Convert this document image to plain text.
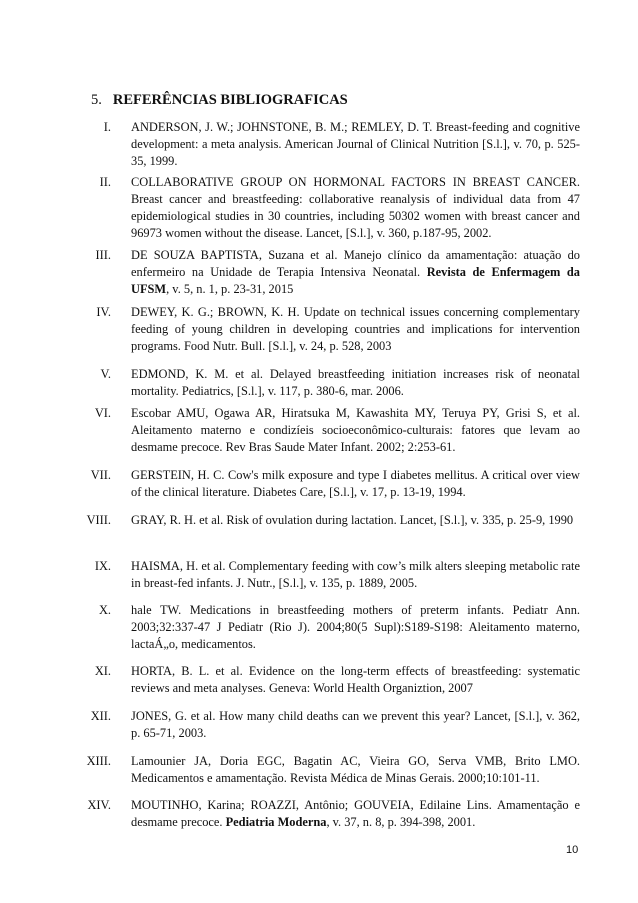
5. REFERÊNCIAS BIBLIOGRAFICAS
I. ANDERSON, J. W.; JOHNSTONE, B. M.; REMLEY, D. T. Breast-feeding and cognitive development: a meta analysis. American Journal of Clinical Nutrition [S.l.], v. 70, p. 525-35, 1999.
II. COLLABORATIVE GROUP ON HORMONAL FACTORS IN BREAST CANCER. Breast cancer and breastfeeding: collaborative reanalysis of individual data from 47 epidemiological studies in 30 countries, including 50302 women with breast cancer and 96973 women without the disease. Lancet, [S.l.], v. 360, p.187-95, 2002.
III. DE SOUZA BAPTISTA, Suzana et al. Manejo clínico da amamentação: atuação do enfermeiro na Unidade de Terapia Intensiva Neonatal. Revista de Enfermagem da UFSM, v. 5, n. 1, p. 23-31, 2015
IV. DEWEY, K. G.; BROWN, K. H. Update on technical issues concerning complementary feeding of young children in developing countries and implications for intervention programs. Food Nutr. Bull. [S.l.], v. 24, p. 528, 2003
V. EDMOND, K. M. et al. Delayed breastfeeding initiation increases risk of neonatal mortality. Pediatrics, [S.l.], v. 117, p. 380-6, mar. 2006.
VI. Escobar AMU, Ogawa AR, Hiratsuka M, Kawashita MY, Teruya PY, Grisi S, et al. Aleitamento materno e condizíeis socioeconômico-culturais: fatores que levam ao desmame precoce. Rev Bras Saude Mater Infant. 2002; 2:253-61.
VII. GERSTEIN, H. C. Cow's milk exposure and type I diabetes mellitus. A critical over view of the clinical literature. Diabetes Care, [S.l.], v. 17, p. 13-19, 1994.
VIII. GRAY, R. H. et al. Risk of ovulation during lactation. Lancet, [S.l.], v. 335, p. 25-9, 1990
IX. HAISMA, H. et al. Complementary feeding with cow’s milk alters sleeping metabolic rate in breast-fed infants. J. Nutr., [S.l.], v. 135, p. 1889, 2005.
X. hale TW. Medications in breastfeeding mothers of preterm infants. Pediatr Ann. 2003;32:337-47 J Pediatr (Rio J). 2004;80(5 Supl):S189-S198: Aleitamento materno, lactaÁ„o, medicamentos.
XI. HORTA, B. L. et al. Evidence on the long-term effects of breastfeeding: systematic reviews and meta analyses. Geneva: World Health Organiztion, 2007
XII. JONES, G. et al. How many child deaths can we prevent this year? Lancet, [S.l.], v. 362, p. 65-71, 2003.
XIII. Lamounier JA, Doria EGC, Bagatin AC, Vieira GO, Serva VMB, Brito LMO. Medicamentos e amamentação. Revista Médica de Minas Gerais. 2000;10:101-11.
XIV. MOUTINHO, Karina; ROAZZI, Antônio; GOUVEIA, Edilaine Lins. Amamentação e desmame precoce. Pediatria Moderna, v. 37, n. 8, p. 394-398, 2001.
10
